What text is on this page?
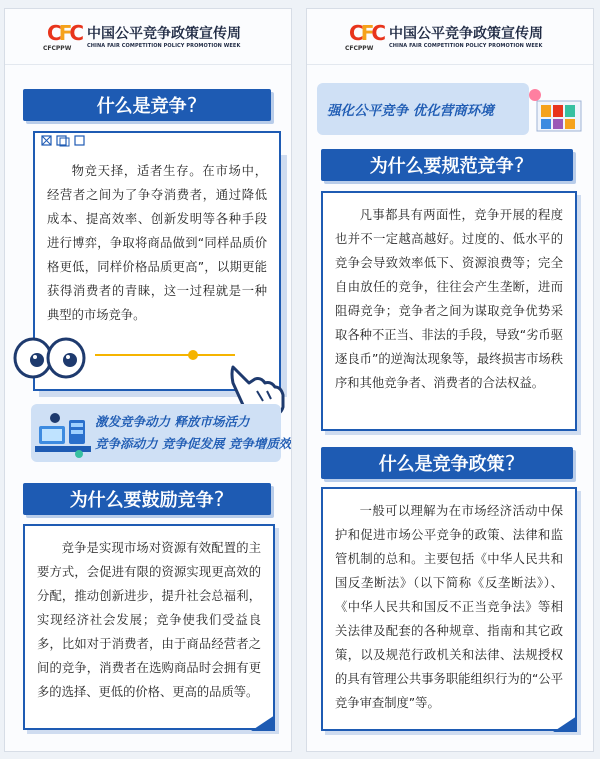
CFC
CFCPPW
中国公平竞争政策宣传周
CHINA FAIR COMPETITION POLICY PROMOTION WEEK
什么是竞争?
物竞天择，适者生存。在市场中，经营者之间为了争夺消费者，通过降低成本、提高效率、创新发明等各种手段进行博弈，争取将商品做到“同样品质价格更低，同样价格品质更高”，以期更能获得消费者的青睐，这一过程就是一种典型的市场竞争。
激发竞争动力 释放市场活力
竞争添动力 竞争促发展 竞争增质效
为什么要鼓励竞争?
竞争是实现市场对资源有效配置的主要方式，会促进有限的资源实现更高效的分配，推动创新进步，提升社会总福利，实现经济社会发展；竞争使我们受益良多，比如对于消费者，由于商品经营者之间的竞争，消费者在选购商品时会拥有更多的选择、更低的价格、更高的品质等。
CFC
CFCPPW
中国公平竞争政策宣传周
CHINA FAIR COMPETITION POLICY PROMOTION WEEK
强化公平竞争 优化营商环境
为什么要规范竞争?
凡事都具有两面性，竞争开展的程度也并不一定越高越好。过度的、低水平的竞争会导致效率低下、资源浪费等；完全自由放任的竞争，往往会产生垄断，进而阻碍竞争；竞争者之间为谋取竞争优势采取各种不正当、非法的手段，导致“劣币驱逐良币”的逆淘汰现象等，最终损害市场秩序和其他竞争者、消费者的合法权益。
什么是竞争政策?
一般可以理解为在市场经济活动中保护和促进市场公平竞争的政策、法律和监管机制的总和。主要包括《中华人民共和国反垄断法》（以下简称《反垄断法》）、《中华人民共和国反不正当竞争法》等相关法律及配套的各种规章、指南和其它政策，以及规范行政机关和法律、法规授权的具有管理公共事务职能组织行为的“公平竞争审查制度”等。
